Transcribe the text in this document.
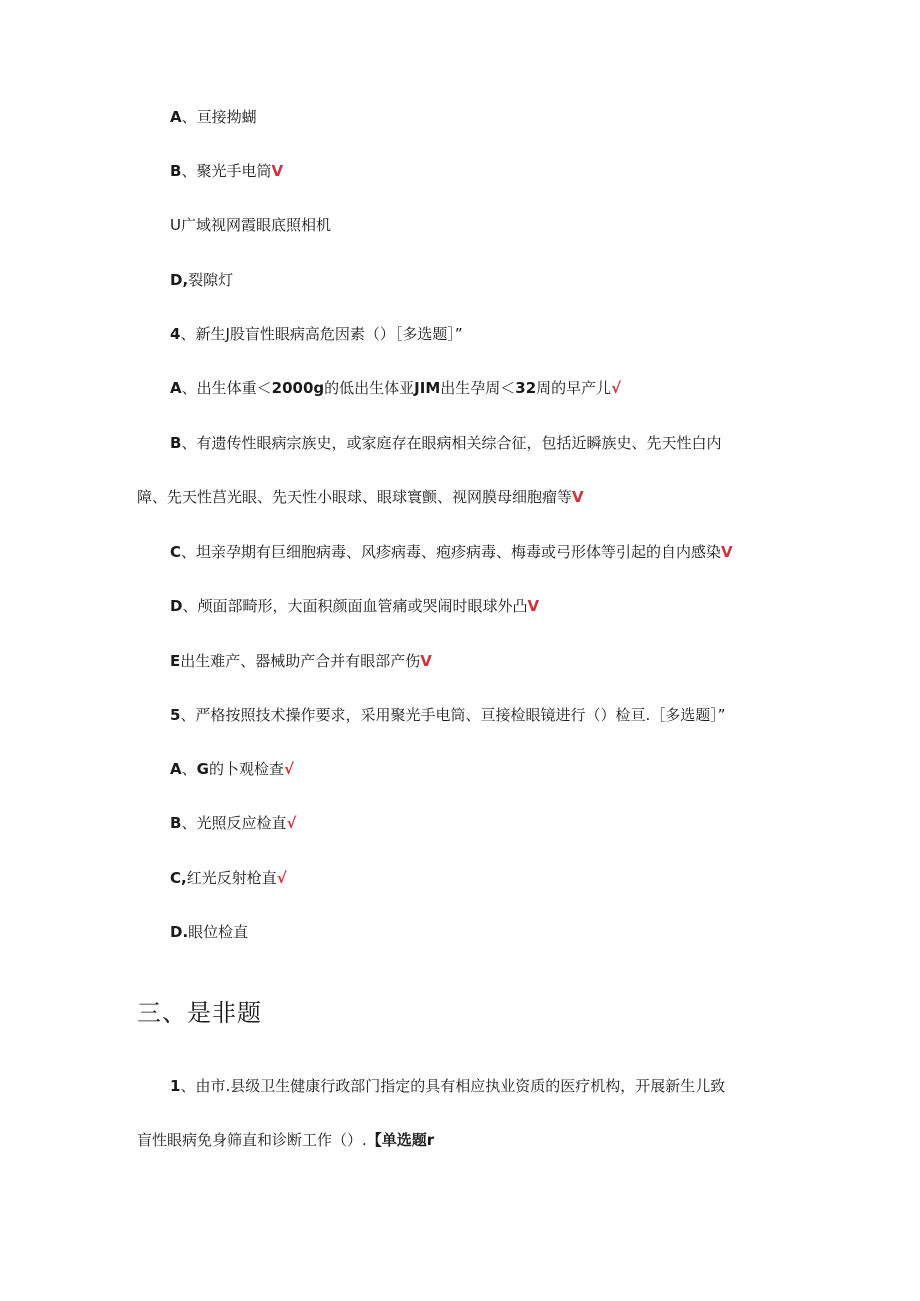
A、亘接拗蝴
B、聚光手电筒V
U广域视网霞眼底照相机
D,裂隙灯
4、新生J股盲性眼病高危因素（）［多选题］”
A、出生体重＜2000g的低出生体亚JIM出生孕周＜32周的早产儿√
B、有遗传性眼病宗族史，或家庭存在眼病相关综合征，包括近瞬族史、先天性白内
障、先天性莒光眼、先天性小眼球、眼球寰颤、视网膜母细胞瘤等V
C、坦亲孕期有巨细胞病毒、风疹病毒、疱疹病毒、梅毒或弓形体等引起的自内感染V
D、颅面部畸形，大面积颜面血管痛或哭闹时眼球外凸V
E出生难产、器械助产合并有眼部产伤V
5、严格按照技术操作要求，采用聚光手电筒、亘接检眼镜进行（）检亘.［多选题］”
A、G的卜观检查√
B、光照反应检直√
C,红光反射枪直√
D.眼位检直
三、是非题
1、由市.县级卫生健康行政部门指定的具有相应执业资质的医疗机构，开展新生儿致
盲性眼病免身筛直和诊断工作（）.【单选题r
